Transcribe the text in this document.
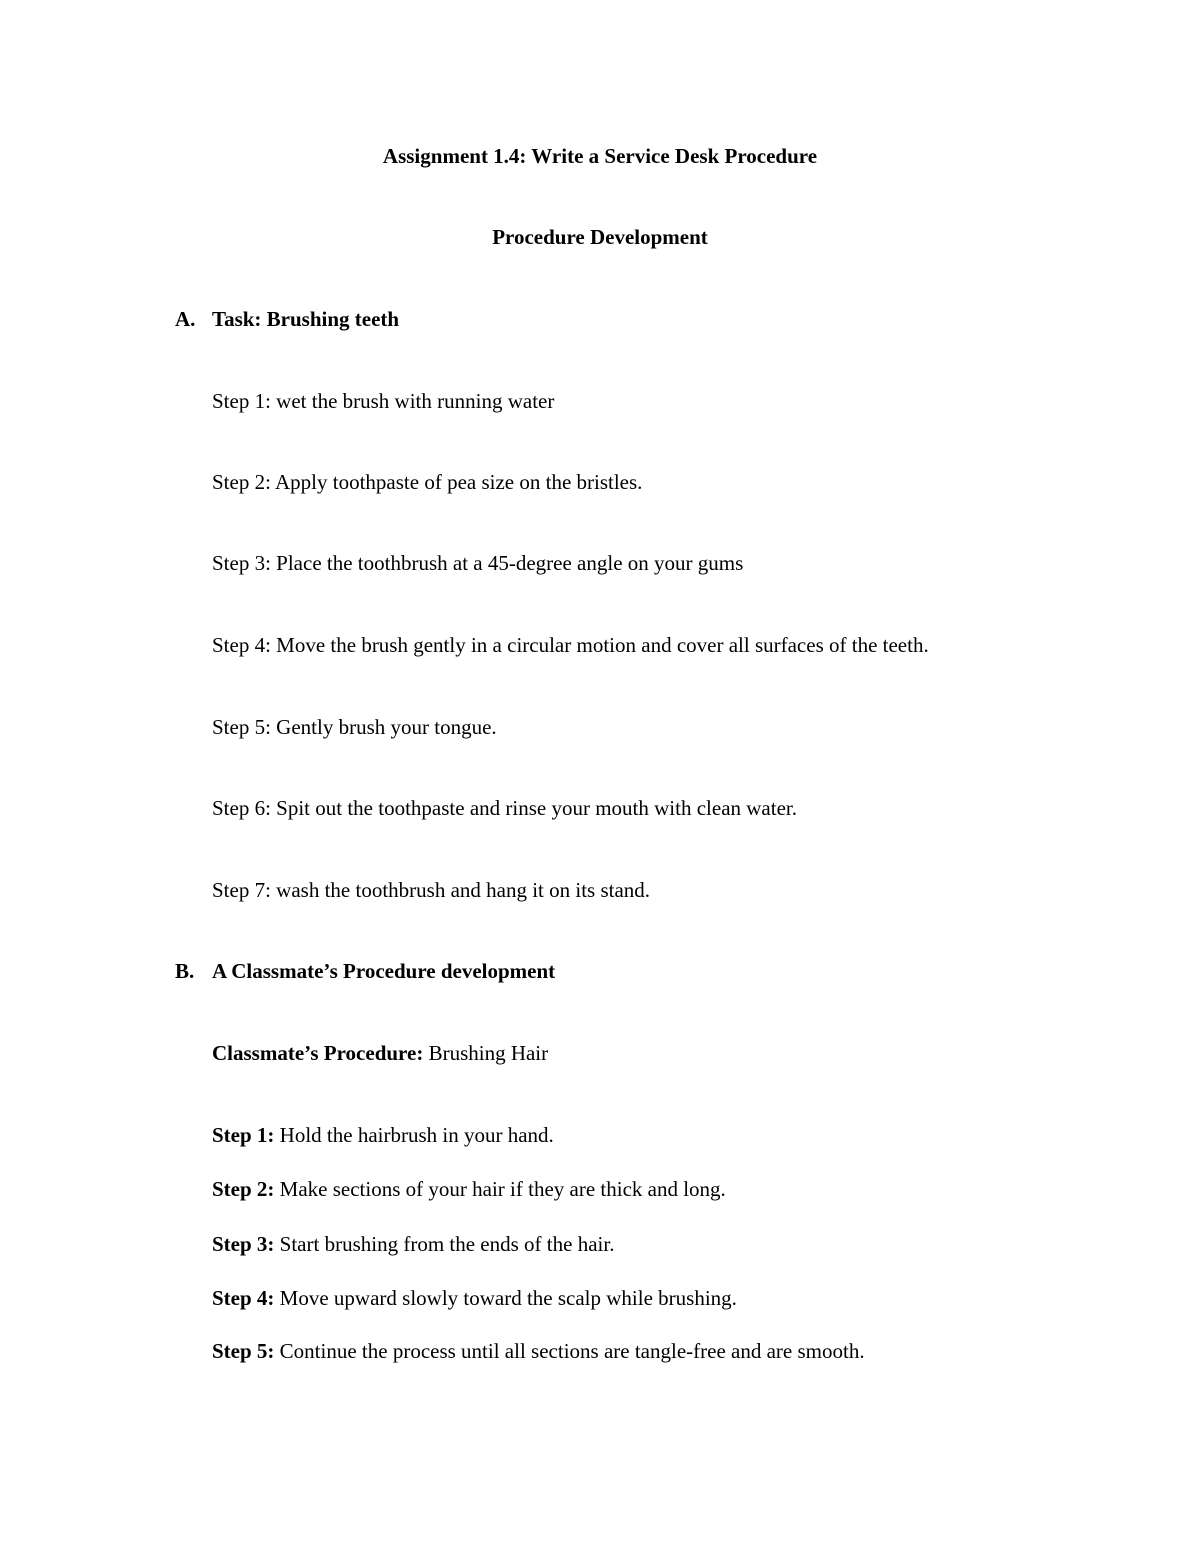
Assignment 1.4: Write a Service Desk Procedure
Procedure Development
A. Task: Brushing teeth
Step 1: wet the brush with running water
Step 2: Apply toothpaste of pea size on the bristles.
Step 3: Place the toothbrush at a 45-degree angle on your gums
Step 4: Move the brush gently in a circular motion and cover all surfaces of the teeth.
Step 5: Gently brush your tongue.
Step 6: Spit out the toothpaste and rinse your mouth with clean water.
Step 7: wash the toothbrush and hang it on its stand.
B. A Classmate’s Procedure development
Classmate’s Procedure: Brushing Hair
Step 1: Hold the hairbrush in your hand.
Step 2: Make sections of your hair if they are thick and long.
Step 3: Start brushing from the ends of the hair.
Step 4: Move upward slowly toward the scalp while brushing.
Step 5: Continue the process until all sections are tangle-free and are smooth.
